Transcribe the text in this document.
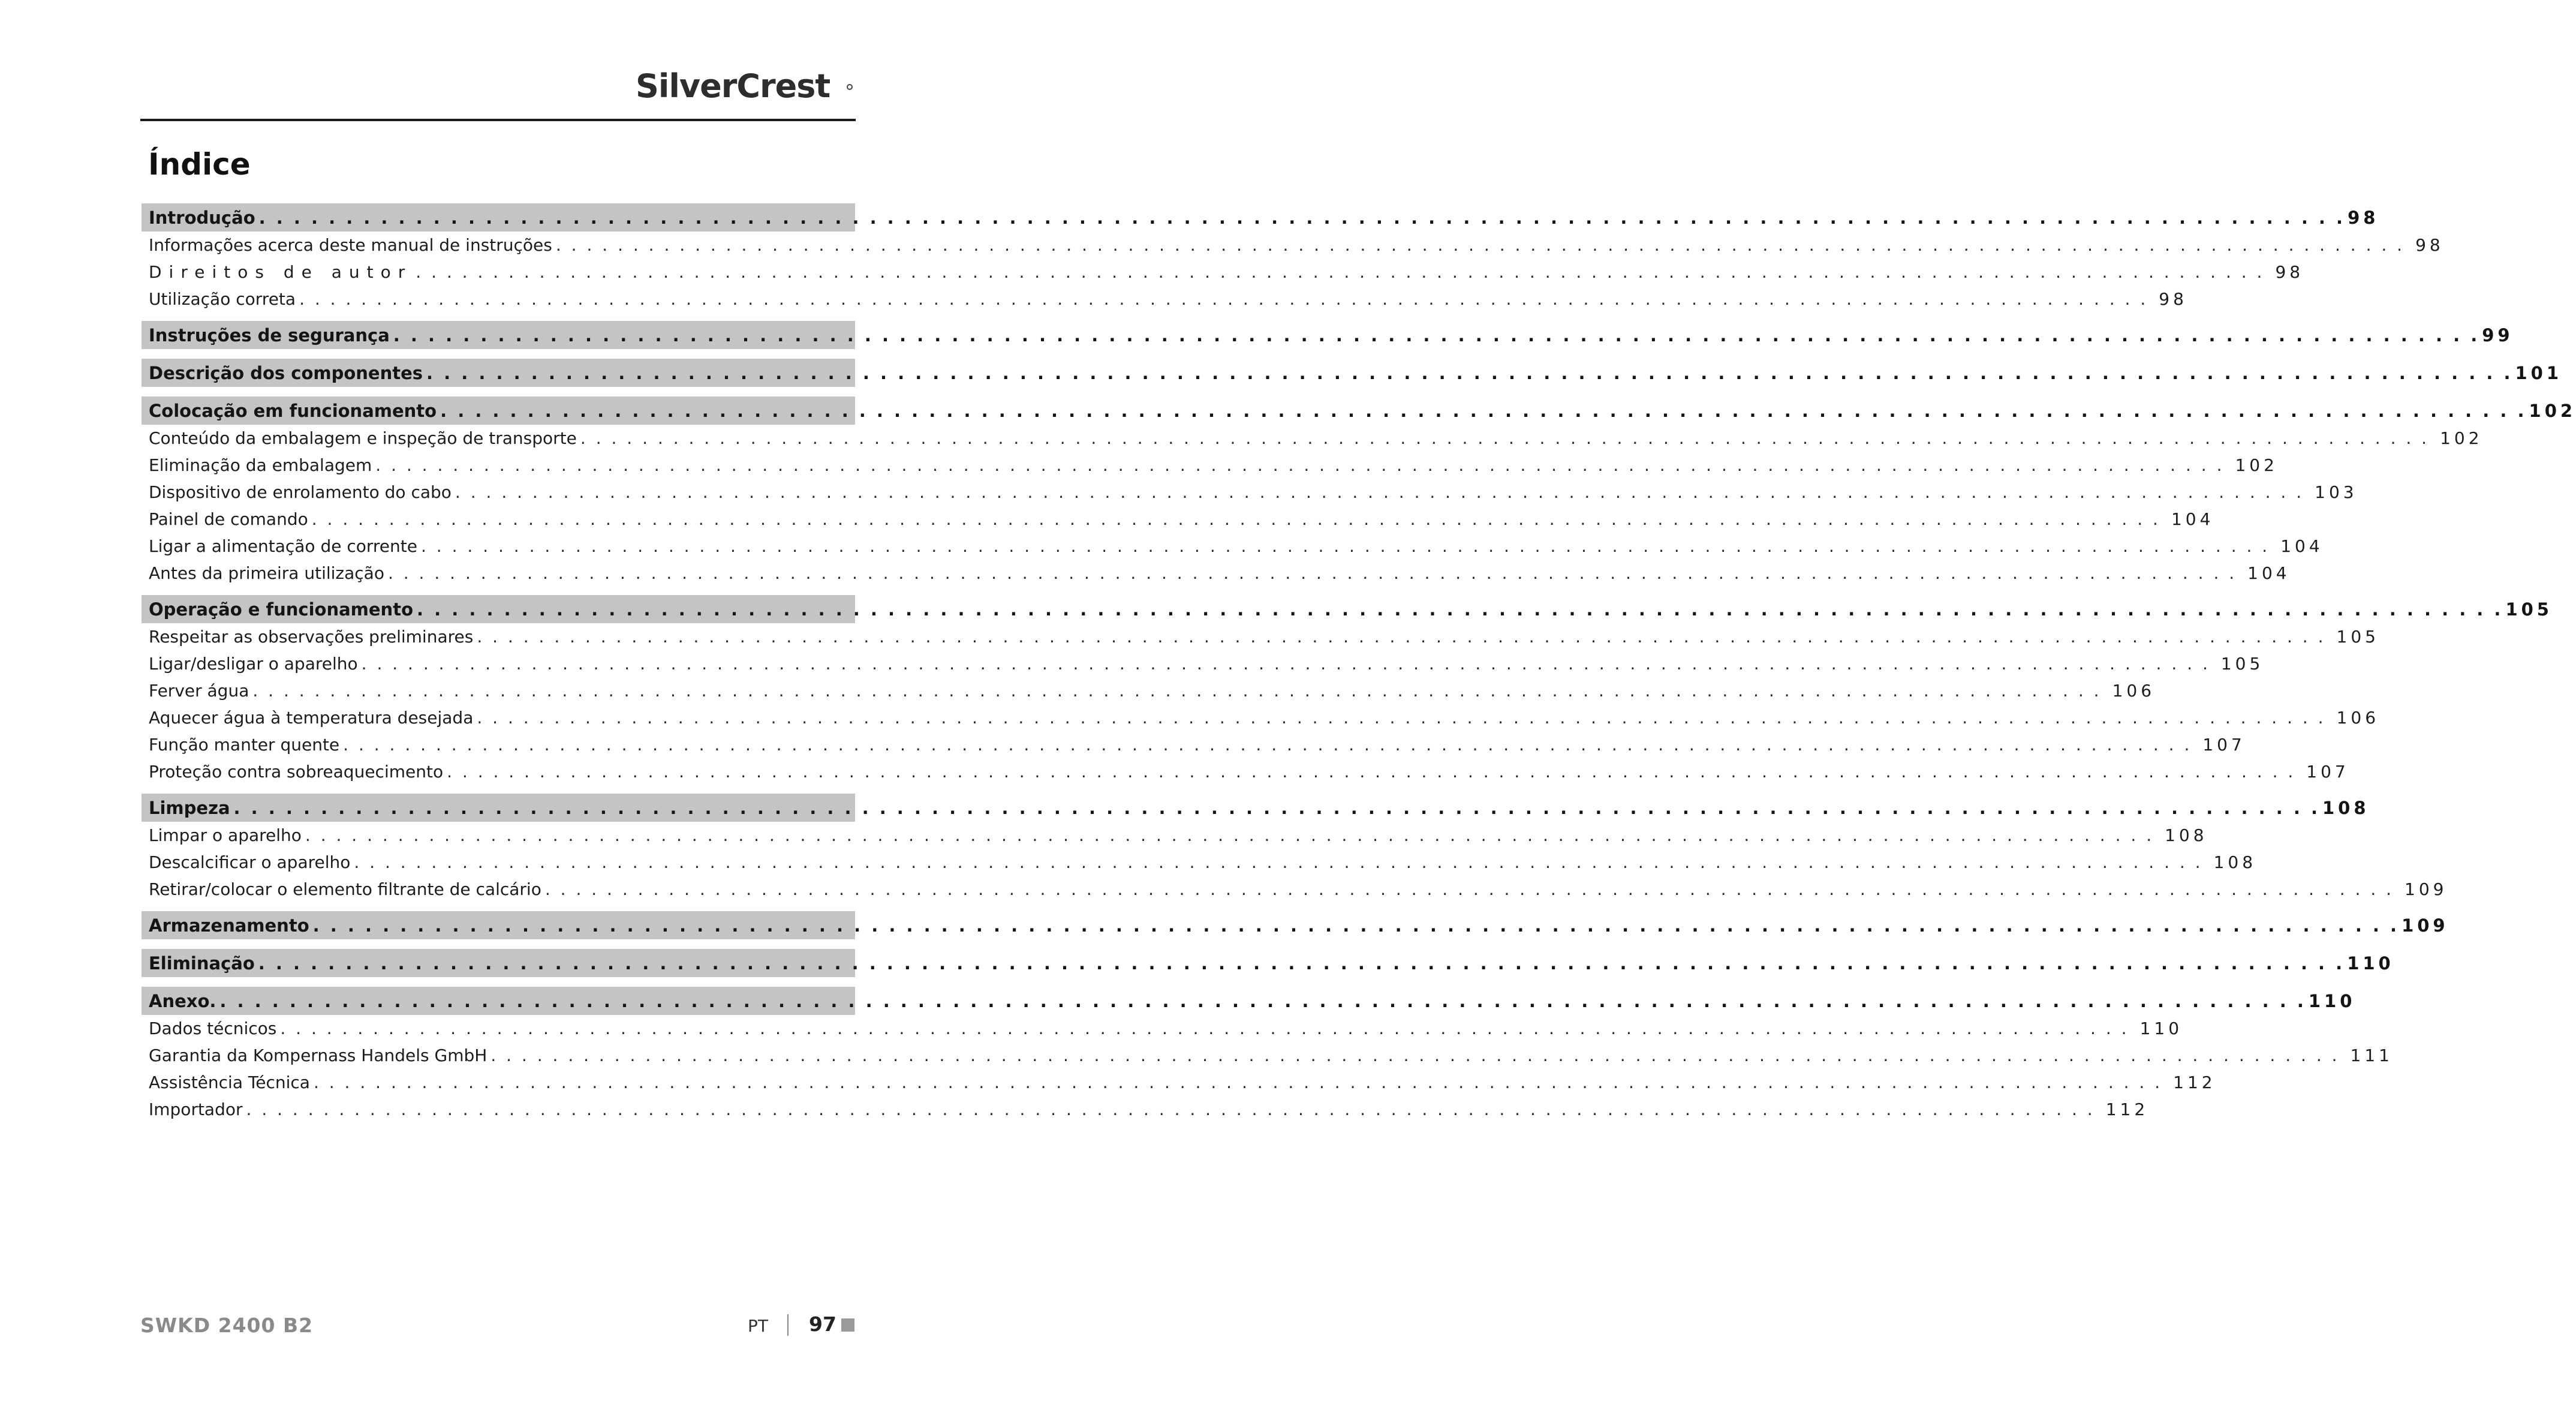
SilverCrest
Índice
Introdução . . . . . . . . . . . . . . . . . . . . . . . . . . . . . . . . . . . . . . . . . . . . . . . . . . . . . . . . . . . . . . . . . . . . . . . . . . . . . . . . . . . . . . . . . . . . . . . . . . . . . . . . . . . . . . . . . . . . . . . . 98
Informações acerca deste manual de instruções . . . . . . . . . . . . . . . . . . . . . . . . . . . . . . . . . . . . . . . . . . . . . . . . . . . . . . . . . . . . . . . . . . . . . . . . . . . . . . . . . . . . . . . . . . . . . . . . . . . . . . . . . . . . . . . . . . . . . . . . 98
Direitos de autor . . . . . . . . . . . . . . . . . . . . . . . . . . . . . . . . . . . . . . . . . . . . . . . . . . . . . . . . . . . . . . . . . . . . . . . . . . . . . . . . . . . . . . . . . . . . . . . . . . . . . . . . . . . . . . . . . . . . . . . . 98
Utilização correta . . . . . . . . . . . . . . . . . . . . . . . . . . . . . . . . . . . . . . . . . . . . . . . . . . . . . . . . . . . . . . . . . . . . . . . . . . . . . . . . . . . . . . . . . . . . . . . . . . . . . . . . . . . . . . . . . . . . . . . . 98
Instruções de segurança . . . . . . . . . . . . . . . . . . . . . . . . . . . . . . . . . . . . . . . . . . . . . . . . . . . . . . . . . . . . . . . . . . . . . . . . . . . . . . . . . . . . . . . . . . . . . . . . . . . . . . . . . . . . . . . . . . . . . . . . 99
Descrição dos componentes . . . . . . . . . . . . . . . . . . . . . . . . . . . . . . . . . . . . . . . . . . . . . . . . . . . . . . . . . . . . . . . . . . . . . . . . . . . . . . . . . . . . . . . . . . . . . . . . . . . . . . . . . . . . . . . . . . . . . . . . 101
Colocação em funcionamento . . . . . . . . . . . . . . . . . . . . . . . . . . . . . . . . . . . . . . . . . . . . . . . . . . . . . . . . . . . . . . . . . . . . . . . . . . . . . . . . . . . . . . . . . . . . . . . . . . . . . . . . . . . . . . . . . . . . . . . . 102
Conteúdo da embalagem e inspeção de transporte . . . . . . . . . . . . . . . . . . . . . . . . . . . . . . . . . . . . . . . . . . . . . . . . . . . . . . . . . . . . . . . . . . . . . . . . . . . . . . . . . . . . . . . . . . . . . . . . . . . . . . . . . . . . . . . . . . . . . . . . 102
Eliminação da embalagem . . . . . . . . . . . . . . . . . . . . . . . . . . . . . . . . . . . . . . . . . . . . . . . . . . . . . . . . . . . . . . . . . . . . . . . . . . . . . . . . . . . . . . . . . . . . . . . . . . . . . . . . . . . . . . . . . . . . . . . . 102
Dispositivo de enrolamento do cabo . . . . . . . . . . . . . . . . . . . . . . . . . . . . . . . . . . . . . . . . . . . . . . . . . . . . . . . . . . . . . . . . . . . . . . . . . . . . . . . . . . . . . . . . . . . . . . . . . . . . . . . . . . . . . . . . . . . . . . . . 103
Painel de comando . . . . . . . . . . . . . . . . . . . . . . . . . . . . . . . . . . . . . . . . . . . . . . . . . . . . . . . . . . . . . . . . . . . . . . . . . . . . . . . . . . . . . . . . . . . . . . . . . . . . . . . . . . . . . . . . . . . . . . . . 104
Ligar a alimentação de corrente . . . . . . . . . . . . . . . . . . . . . . . . . . . . . . . . . . . . . . . . . . . . . . . . . . . . . . . . . . . . . . . . . . . . . . . . . . . . . . . . . . . . . . . . . . . . . . . . . . . . . . . . . . . . . . . . . . . . . . . . 104
Antes da primeira utilização . . . . . . . . . . . . . . . . . . . . . . . . . . . . . . . . . . . . . . . . . . . . . . . . . . . . . . . . . . . . . . . . . . . . . . . . . . . . . . . . . . . . . . . . . . . . . . . . . . . . . . . . . . . . . . . . . . . . . . . . 104
Operação e funcionamento . . . . . . . . . . . . . . . . . . . . . . . . . . . . . . . . . . . . . . . . . . . . . . . . . . . . . . . . . . . . . . . . . . . . . . . . . . . . . . . . . . . . . . . . . . . . . . . . . . . . . . . . . . . . . . . . . . . . . . . . 105
Respeitar as observações preliminares . . . . . . . . . . . . . . . . . . . . . . . . . . . . . . . . . . . . . . . . . . . . . . . . . . . . . . . . . . . . . . . . . . . . . . . . . . . . . . . . . . . . . . . . . . . . . . . . . . . . . . . . . . . . . . . . . . . . . . . . 105
Ligar/desligar o aparelho . . . . . . . . . . . . . . . . . . . . . . . . . . . . . . . . . . . . . . . . . . . . . . . . . . . . . . . . . . . . . . . . . . . . . . . . . . . . . . . . . . . . . . . . . . . . . . . . . . . . . . . . . . . . . . . . . . . . . . . . 105
Ferver água . . . . . . . . . . . . . . . . . . . . . . . . . . . . . . . . . . . . . . . . . . . . . . . . . . . . . . . . . . . . . . . . . . . . . . . . . . . . . . . . . . . . . . . . . . . . . . . . . . . . . . . . . . . . . . . . . . . . . . . . 106
Aquecer água à temperatura desejada . . . . . . . . . . . . . . . . . . . . . . . . . . . . . . . . . . . . . . . . . . . . . . . . . . . . . . . . . . . . . . . . . . . . . . . . . . . . . . . . . . . . . . . . . . . . . . . . . . . . . . . . . . . . . . . . . . . . . . . . 106
Função manter quente . . . . . . . . . . . . . . . . . . . . . . . . . . . . . . . . . . . . . . . . . . . . . . . . . . . . . . . . . . . . . . . . . . . . . . . . . . . . . . . . . . . . . . . . . . . . . . . . . . . . . . . . . . . . . . . . . . . . . . . . 107
Proteção contra sobreaquecimento . . . . . . . . . . . . . . . . . . . . . . . . . . . . . . . . . . . . . . . . . . . . . . . . . . . . . . . . . . . . . . . . . . . . . . . . . . . . . . . . . . . . . . . . . . . . . . . . . . . . . . . . . . . . . . . . . . . . . . . . 107
Limpeza . . . . . . . . . . . . . . . . . . . . . . . . . . . . . . . . . . . . . . . . . . . . . . . . . . . . . . . . . . . . . . . . . . . . . . . . . . . . . . . . . . . . . . . . . . . . . . . . . . . . . . . . . . . . . . . . . . . . . . . . 108
Limpar o aparelho . . . . . . . . . . . . . . . . . . . . . . . . . . . . . . . . . . . . . . . . . . . . . . . . . . . . . . . . . . . . . . . . . . . . . . . . . . . . . . . . . . . . . . . . . . . . . . . . . . . . . . . . . . . . . . . . . . . . . . . . 108
Descalcificar o aparelho . . . . . . . . . . . . . . . . . . . . . . . . . . . . . . . . . . . . . . . . . . . . . . . . . . . . . . . . . . . . . . . . . . . . . . . . . . . . . . . . . . . . . . . . . . . . . . . . . . . . . . . . . . . . . . . . . . . . . . . . 108
Retirar/colocar o elemento filtrante de calcário . . . . . . . . . . . . . . . . . . . . . . . . . . . . . . . . . . . . . . . . . . . . . . . . . . . . . . . . . . . . . . . . . . . . . . . . . . . . . . . . . . . . . . . . . . . . . . . . . . . . . . . . . . . . . . . . . . . . . . . . 109
Armazenamento . . . . . . . . . . . . . . . . . . . . . . . . . . . . . . . . . . . . . . . . . . . . . . . . . . . . . . . . . . . . . . . . . . . . . . . . . . . . . . . . . . . . . . . . . . . . . . . . . . . . . . . . . . . . . . . . . . . . . . . . 109
Eliminação . . . . . . . . . . . . . . . . . . . . . . . . . . . . . . . . . . . . . . . . . . . . . . . . . . . . . . . . . . . . . . . . . . . . . . . . . . . . . . . . . . . . . . . . . . . . . . . . . . . . . . . . . . . . . . . . . . . . . . . . 110
Anexo. . . . . . . . . . . . . . . . . . . . . . . . . . . . . . . . . . . . . . . . . . . . . . . . . . . . . . . . . . . . . . . . . . . . . . . . . . . . . . . . . . . . . . . . . . . . . . . . . . . . . . . . . . . . . . . . . . . . . . . . . 110
Dados técnicos . . . . . . . . . . . . . . . . . . . . . . . . . . . . . . . . . . . . . . . . . . . . . . . . . . . . . . . . . . . . . . . . . . . . . . . . . . . . . . . . . . . . . . . . . . . . . . . . . . . . . . . . . . . . . . . . . . . . . . . . 110
Garantia da Kompernass Handels GmbH . . . . . . . . . . . . . . . . . . . . . . . . . . . . . . . . . . . . . . . . . . . . . . . . . . . . . . . . . . . . . . . . . . . . . . . . . . . . . . . . . . . . . . . . . . . . . . . . . . . . . . . . . . . . . . . . . . . . . . . . 111
Assistência Técnica . . . . . . . . . . . . . . . . . . . . . . . . . . . . . . . . . . . . . . . . . . . . . . . . . . . . . . . . . . . . . . . . . . . . . . . . . . . . . . . . . . . . . . . . . . . . . . . . . . . . . . . . . . . . . . . . . . . . . . . . 112
Importador . . . . . . . . . . . . . . . . . . . . . . . . . . . . . . . . . . . . . . . . . . . . . . . . . . . . . . . . . . . . . . . . . . . . . . . . . . . . . . . . . . . . . . . . . . . . . . . . . . . . . . . . . . . . . . . . . . . . . . . . 112
SWKD 2400 B2	PT 97
